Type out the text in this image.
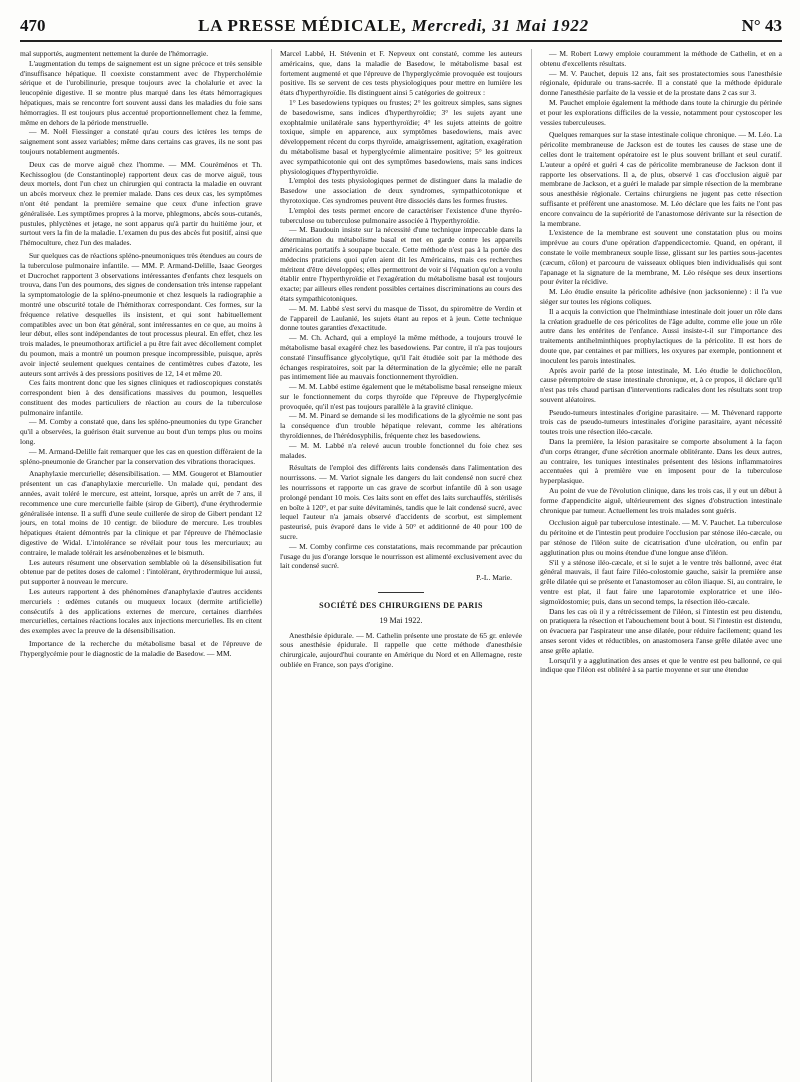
470	LA PRESSE MÉDICALE, Mercredi, 31 Mai 1922	N° 43

mal supportés, augmentent nettement la durée de l'hémorragie.

L'augmentation du temps de saignement est un signe précoce et très sensible d'insuffisance hépatique. Il coexiste constamment avec de l'hypercholémie sérique et de l'urobilinurie, presque toujours avec la cholalurie et avec la leucopénie digestive. Il se montre plus marqué dans les états hémorragiques hépatiques, mais se rencontre fort souvent aussi dans les maladies du foie sans hémorragies. Il est toujours plus accentué proportionnellement chez la femme, même en dehors de la période menstruelle.

— M. Noël Fiessinger a constaté qu'au cours des ictères les temps de saignement sont assez variables; même dans certains cas graves, ils ne sont pas toujours notablement augmentés.

Deux cas de morve aiguë chez l'homme. — MM. Couréménos et Th. Kechissoglou (de Constantinople) rapportent deux cas de morve aiguë, tous deux mortels, dont l'un chez un chirurgien qui contracta la maladie en ouvrant un abcès morveux chez le premier malade. Dans ces deux cas, les symptômes n'ont été pendant la première semaine que ceux d'une infection grave généralisée. Les symptômes propres à la morve, phlegmons, abcès sous-cutanés, pustules, phlyctènes et jetage, ne sont apparus qu'à partir du huitième jour, et surtout vers la fin de la maladie. L'examen du pus des abcès fut positif, ainsi que l'hémoculture, chez l'un des malades.

Sur quelques cas de réactions spléno-pneumoniques très étendues au cours de la tuberculose pulmonaire infantile. — MM. P. Armand-Delille, Isaac Georges et Ducrochet rapportent 3 observations intéressantes d'enfants chez lesquels on trouva, dans l'un des poumons, des signes de condensation très intense rappelant la symptomatologie de la spléno-pneumonie et chez lesquels la radiographie a montré une obscurité totale de l'hémithorax correspondant. Ces formes, sur la fréquence relative desquelles ils insistent, et qui sont habituellement compatibles avec un bon état général, sont intéressantes en ce que, au moins à leur début, elles sont indépendantes de tout processus pleural. En effet, chez les trois malades, le pneumothorax artificiel a pu être fait avec décollement complet du poumon, mais a montré un poumon presque incompressible, puisque, après avoir injecté seulement quelques centaines de centimètres cubes d'azote, les auteurs sont arrivés à des pressions positives de 12, 14 et même 20.

Ces faits montrent donc que les signes cliniques et radioscopiques constatés correspondent bien à des densifications massives du poumon, lesquelles constituent des modes particuliers de réaction au cours de la tuberculose pulmonaire infantile.

— M. Comby a constaté que, dans les spléno-pneumonies du type Grancher qu'il a observées, la guérison était survenue au bout d'un temps plus ou moins long.

— M. Armand-Delille fait remarquer que les cas en question diffèraient de la spléno-pneumonie de Grancher par la conservation des vibrations thoraciques.

Anaphylaxie mercurielle; désensibilisation. — MM. Gougerot et Blamoutier présentent un cas d'anaphylaxie mercurielle. Un malade qui, pendant des années, avait toléré le mercure, est atteint, lorsque, après un arrêt de 7 ans, il recommence une cure mercurielle faible (sirop de Gibert), d'une érythrodermie généralisée intense. Il a suffi d'une seule cuillerée de sirop de Gibert pendant 12 jours, en total moins de 10 centigr. de biiodure de mercure. Les troubles hépatiques étaient démontrés par la clinique et par l'épreuve de l'hémoclasie digestive de Widal. L'intolérance se révélait pour tous les mercuriaux; au contraire, le malade tolérait les arsénobenzènes et le bismuth.

Les auteurs résument une observation semblable où la désensibilisation fut obtenue par de petites doses de calomel : l'intolérant, érythrodermique lui aussi, put supporter à nouveau le mercure.

Les auteurs rapportent à des phénomènes d'anaphylaxie d'autres accidents mercuriels : œdèmes cutanés ou muqueux locaux (dermite artificielle) consécutifs à des applications externes de mercure, certaines diarrhées mercurielles, certaines réactions locales aux injections mercurielles. Ils en citent des exemples avec la preuve de la désensibilisation.

Importance de la recherche du métabolisme basal et de l'épreuve de l'hyperglycémie pour le diagnostic de la maladie de Basedow. — MM.

Marcel Labbé, H. Stévenin et F. Nepveux ont constaté, comme les auteurs américains, que, dans la maladie de Basedow, le métabolisme basal est fortement augmenté et que l'épreuve de l'hyperglycémie provoquée est toujours positive. Ils se servent de ces tests physiologiques pour mettre en lumière les états d'hyperthyroïdie. Ils distinguent ainsi 5 catégories de goitreux :

1° Les basedowiens typiques ou frustes; 2° les goitreux simples, sans signes de basedowisme, sans indices d'hyperthyroïdie; 3° les sujets ayant une exophtalmie unilatérale sans hyperthyroïdie; 4° les sujets atteints de goitre toxique, simple en apparence, aux symptômes basedowiens, mais avec développement récent du corps thyroïde, amaigrissement, agitation, exagération du métabolisme basal et hyperglycémie alimentaire positive; 5° les goitreux avec sympathicotonie qui ont des symptômes basedowiens, mais sans indices physiologiques d'hyperthyroïdie.

L'emploi des tests physiologiques permet de distinguer dans la maladie de Basedow une association de deux syndromes, sympathicotonique et thyrotoxique. Ces syndromes peuvent être dissociés dans les formes frustes.

L'emploi des tests permet encore de caractériser l'existence d'une thyréo-tuberculose ou tuberculose pulmonaire associée à l'hyperthyroïdie.

— M. Baudouin insiste sur la nécessité d'une technique impeccable dans la détermination du métabolisme basal et met en garde contre les appareils américains portatifs à soupape buccale. Cette méthode n'est pas à la portée des médecins praticiens quoi qu'en aient dit les Américains, mais ces recherches méritent d'être développées; elles permettront de voir si l'équation qu'on a voulu établir entre l'hyperthyroïdie et l'exagération du métabolisme basal est toujours exacte; par ailleurs elles rendent possibles certaines discriminations au cours des états sympathicotoniques.

— M. M. Labbé s'est servi du masque de Tissot, du spiromètre de Verdin et de l'appareil de Laulanié, les sujets étant au repos et à jeun. Cette technique donne toutes garanties d'exactitude.

— M. Ch. Achard, qui a employé la même méthode, a toujours trouvé le métabolisme basal exagéré chez les basedowiens. Par contre, il n'a pas toujours constaté l'insuffisance glycolytique, qu'il l'ait étudiée soit par la méthode des échanges respiratoires, soit par la détermination de la glycémie; elle ne paraît pas intimement liée au mauvais fonctionnement thyroïdien.

— M. M. Labbé estime également que le métabolisme basal renseigne mieux sur le fonctionnement du corps thyroïde que l'épreuve de l'hyperglycémie provoquée, qu'il n'est pas toujours parallèle à la gravité clinique.

— M. M. Pinard se demande si les modifications de la glycémie ne sont pas la conséquence d'un trouble hépatique relevant, comme les altérations thyroïdiennes, de l'hérédosyphilis, fréquente chez les basedowiens.

— M. M. Labbé n'a relevé aucun trouble fonctionnel du foie chez ses malades.

Résultats de l'emploi des différents laits condensés dans l'alimentation des nourrissons. — M. Variot signale les dangers du lait condensé non sucré chez les nourrissons et rapporte un cas grave de scorbut infantile dû à son usage prolongé pendant 10 mois. Ces laits sont en effet des laits surchauffés, stérilisés en boîte à 120°, et par suite dévitaminés, tandis que le lait condensé sucré, avec lequel l'auteur n'a jamais observé d'accidents de scorbut, est simplement pasteurisé, puis évaporé dans le vide à 50° et additionné de 40 pour 100 de sucre.

— M. Comby confirme ces constatations, mais recommande par précaution l'usage du jus d'orange lorsque le nourrisson est alimenté exclusivement avec du lait condensé sucré.

P.-L. Marie.
SOCIÉTÉ DES CHIRURGIENS DE PARIS
19 Mai 1922.

Anesthésie épidurale. — M. Cathelin présente une prostate de 65 gr. enlevée sous anesthésie épidurale. Il rappelle que cette méthode d'anesthésie chirurgicale, aujourd'hui courante en Amérique du Nord et en Allemagne, reste oubliée en France, son pays d'origine.

— M. Robert Lœwy emploie couramment la méthode de Cathelin, et en a obtenu d'excellents résultats.

— M. V. Pauchet, depuis 12 ans, fait ses prostatectomies sous l'anesthésie régionale, épidurale ou trans-sacrée. Il a constaté que la méthode épidurale donne l'anesthésie parfaite de la vessie et de la prostate dans 2 cas sur 3.

M. Pauchet emploie également la méthode dans toute la chirurgie du périnée et pour les explorations difficiles de la vessie, notamment pour cystoscoper les vessies tuberculeuses.

Quelques remarques sur la stase intestinale colique chronique. — M. Léo. La péricolite membraneuse de Jackson est de toutes les causes de stase une de celles dont le traitement opératoire est le plus souvent brillant et seul curatif. L'auteur a opéré et guéri 4 cas de péricolite membraneuse de Jackson dont il rapporte les observations. Il a, de plus, observé 1 cas d'occlusion aiguë par membrane de Jackson, et a guéri le malade par simple résection de la membrane sous anesthésie régionale. Certains chirurgiens ne jugent pas cette résection suffisante et préfèrent une anastomose. M. Léo déclare que les faits ne l'ont pas encore convaincu de la supériorité de l'anastomose dérivante sur la résection de la membrane.

L'existence de la membrane est souvent une constatation plus ou moins imprévue au cours d'une opération d'appendicectomie. Quand, en opérant, il constate le voile membraneux souple lisse, glissant sur les parties sous-jacentes (cæcum, côlon) et parcouru de vaisseaux obliques bien individualisés qui sont l'apanage et la signature de la membrane, M. Léo résèque ses deux insertions pour éviter la récidive.

M. Léo étudie ensuite la péricolite adhésive (non jacksonienne) : il l'a vue siéger sur toutes les régions coliques.

Il a acquis la conviction que l'helminthiase intestinale doit jouer un rôle dans la création graduelle de ces péricolites de l'âge adulte, comme elle joue un rôle autre dans les entérites de l'enfance. Aussi insiste-t-il sur l'importance des traitements antihelminthiques prophylactiques de la péricolite. Il est hors de doute que, par centaines et par milliers, les oxyures par exemple, pontionnent et inoculent les parois intestinales.

Après avoir parlé de la ptose intestinale, M. Léo étudie le dolichocôlon, cause péremptoire de stase intestinale chronique, et, à ce propos, il déclare qu'il n'est pas très chaud partisan d'interventions radicales dont les résultats sont trop souvent aléatoires.

Pseudo-tumeurs intestinales d'origine parasitaire. — M. Thévenard rapporte trois cas de pseudo-tumeurs intestinales d'origine parasitaire, ayant nécessité toutes trois une résection iléo-cæcale.

Dans la première, la lésion parasitaire se comporte absolument à la façon d'un corps étranger, d'une sécrétion anormale oblitérante. Dans les deux autres, au contraire, les tuniques intestinales présentent des lésions inflammatoires accentuées qui à première vue en imposent pour de la tuberculose hyperplasique.

Au point de vue de l'évolution clinique, dans les trois cas, il y eut un début à forme d'appendicite aiguë, ultérieurement des signes d'obstruction intestinale chronique par tumeur. Actuellement les trois malades sont guéris.

Occlusion aiguë par tuberculose intestinale. — M. V. Pauchet. La tuberculose du péritoine et de l'intestin peut produire l'occlusion par sténose iléo-cæcale, ou par sténose de l'iléon suite de cicatrisation d'une ulcération, ou enfin par agglutination plus ou moins étendue d'une longue anse d'iléon.

S'il y a sténose iléo-cæcale, et si le sujet a le ventre très ballonné, avec état général mauvais, il faut faire l'iléo-colostomie gauche, saisir la première anse grêle dilatée qui se présente et l'anastomoser au côlon iliaque. Si, au contraire, le ventre est plat, il faut faire une laparotomie exploratrice et une iléo-sigmoïdostomie; puis, dans un second temps, la résection iléo-cæcale.

Dans les cas où il y a rétrécissement de l'iléon, si l'intestin est peu distendu, on pratiquera la résection et l'abouchement bout à bout. Si l'intestin est distendu, on évacuera par l'aspirateur une anse dilatée, pour réduire facilement; quand les anses seront vides et réductibles, on anastomosera l'anse grêle dilatée avec une anse grêle aplatie.

Lorsqu'il y a agglutination des anses et que le ventre est peu ballonné, ce qui indique que l'iléon est oblitéré à sa partie moyenne et sur une étendue
